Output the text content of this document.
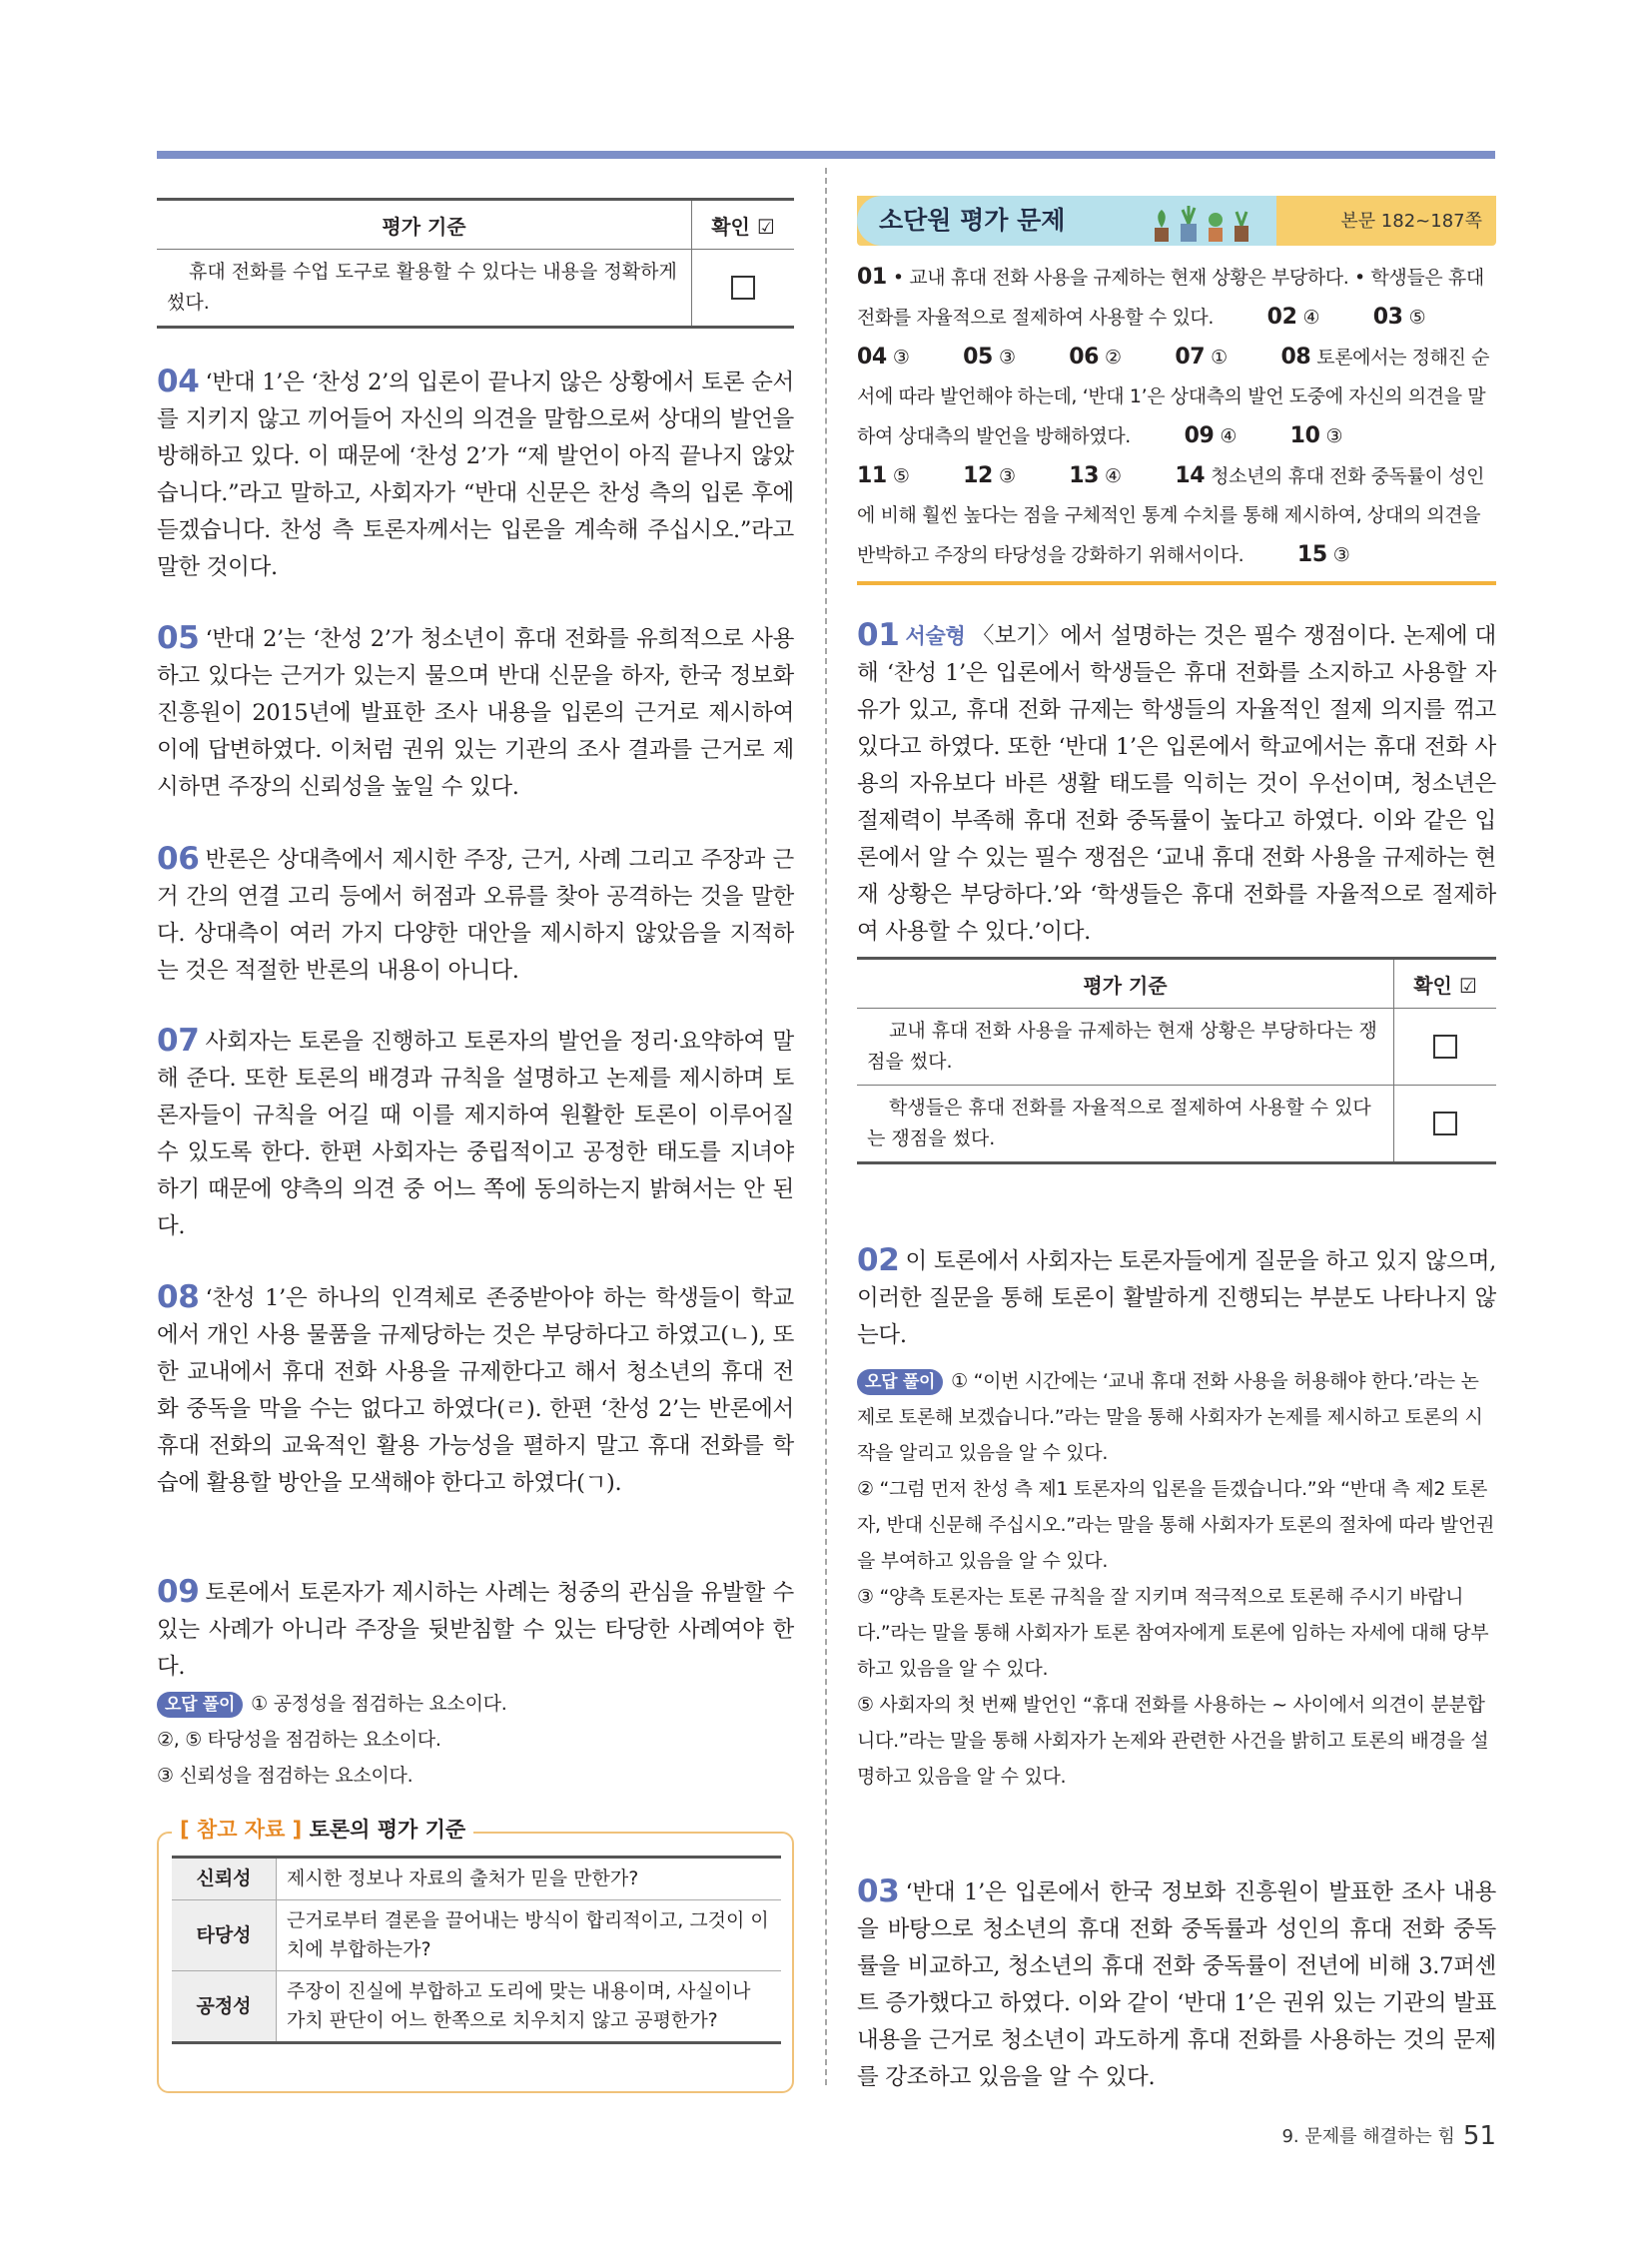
평가 기준	확인 ☑
휴대 전화를 수업 도구로 활용할 수 있다는 내용을 정확하게 썼다.	
04 ‘반대 1’은 ‘찬성 2’의 입론이 끝나지 않은 상황에서 토론 순서를 지키지 않고 끼어들어 자신의 의견을 말함으로써 상대의 발언을 방해하고 있다. 이 때문에 ‘찬성 2’가 “제 발언이 아직 끝나지 않았습니다.”라고 말하고, 사회자가 “반대 신문은 찬성 측의 입론 후에 듣겠습니다. 찬성 측 토론자께서는 입론을 계속해 주십시오.”라고 말한 것이다.
05 ‘반대 2’는 ‘찬성 2’가 청소년이 휴대 전화를 유희적으로 사용하고 있다는 근거가 있는지 물으며 반대 신문을 하자, 한국 정보화 진흥원이 2015년에 발표한 조사 내용을 입론의 근거로 제시하여 이에 답변하였다. 이처럼 권위 있는 기관의 조사 결과를 근거로 제시하면 주장의 신뢰성을 높일 수 있다.
06 반론은 상대측에서 제시한 주장, 근거, 사례 그리고 주장과 근거 간의 연결 고리 등에서 허점과 오류를 찾아 공격하는 것을 말한다. 상대측이 여러 가지 다양한 대안을 제시하지 않았음을 지적하는 것은 적절한 반론의 내용이 아니다.
07 사회자는 토론을 진행하고 토론자의 발언을 정리·요약하여 말해 준다. 또한 토론의 배경과 규칙을 설명하고 논제를 제시하며 토론자들이 규칙을 어길 때 이를 제지하여 원활한 토론이 이루어질 수 있도록 한다. 한편 사회자는 중립적이고 공정한 태도를 지녀야 하기 때문에 양측의 의견 중 어느 쪽에 동의하는지 밝혀서는 안 된다.
08 ‘찬성 1’은 하나의 인격체로 존중받아야 하는 학생들이 학교에서 개인 사용 물품을 규제당하는 것은 부당하다고 하였고(ㄴ), 또한 교내에서 휴대 전화 사용을 규제한다고 해서 청소년의 휴대 전화 중독을 막을 수는 없다고 하였다(ㄹ). 한편 ‘찬성 2’는 반론에서 휴대 전화의 교육적인 활용 가능성을 펼하지 말고 휴대 전화를 학습에 활용할 방안을 모색해야 한다고 하였다(ㄱ).
09 토론에서 토론자가 제시하는 사례는 청중의 관심을 유발할 수 있는 사례가 아니라 주장을 뒷받침할 수 있는 타당한 사례여야 한다.
오답 풀이 ① 공정성을 점검하는 요소이다.
②, ⑤ 타당성을 점검하는 요소이다.
③ 신뢰성을 점검하는 요소이다.
[ 참고 자료 ] 토론의 평가 기준
신뢰성	제시한 정보나 자료의 출처가 믿을 만한가?
타당성	근거로부터 결론을 끌어내는 방식이 합리적이고, 그것이 이치에 부합하는가?
공정성	주장이 진실에 부합하고 도리에 맞는 내용이며, 사실이나 가치 판단이 어느 한쪽으로 치우치지 않고 공평한가?
소단원 평가 문제	본문 182~187쪽
01 • 교내 휴대 전화 사용을 규제하는 현재 상황은 부당하다. • 학생들은 휴대 전화를 자율적으로 절제하여 사용할 수 있다. 02 ④ 03 ⑤
04 ③ 05 ③ 06 ② 07 ① 08 토론에서는 정해진 순서에 따라 발언해야 하는데, ‘반대 1’은 상대측의 발언 도중에 자신의 의견을 말하여 상대측의 발언을 방해하였다. 09 ④ 10 ③
11 ⑤ 12 ③ 13 ④ 14 청소년의 휴대 전화 중독률이 성인에 비해 훨씬 높다는 점을 구체적인 통계 수치를 통해 제시하여, 상대의 의견을 반박하고 주장의 타당성을 강화하기 위해서이다. 15 ③
01 서술형 〈보기〉에서 설명하는 것은 필수 쟁점이다. 논제에 대해 ‘찬성 1’은 입론에서 학생들은 휴대 전화를 소지하고 사용할 자유가 있고, 휴대 전화 규제는 학생들의 자율적인 절제 의지를 꺾고 있다고 하였다. 또한 ‘반대 1’은 입론에서 학교에서는 휴대 전화 사용의 자유보다 바른 생활 태도를 익히는 것이 우선이며, 청소년은 절제력이 부족해 휴대 전화 중독률이 높다고 하였다. 이와 같은 입론에서 알 수 있는 필수 쟁점은 ‘교내 휴대 전화 사용을 규제하는 현재 상황은 부당하다.’와 ‘학생들은 휴대 전화를 자율적으로 절제하여 사용할 수 있다.’이다.
평가 기준	확인 ☑
교내 휴대 전화 사용을 규제하는 현재 상황은 부당하다는 쟁점을 썼다.	
학생들은 휴대 전화를 자율적으로 절제하여 사용할 수 있다는 쟁점을 썼다.	
02 이 토론에서 사회자는 토론자들에게 질문을 하고 있지 않으며, 이러한 질문을 통해 토론이 활발하게 진행되는 부분도 나타나지 않는다.
오답 풀이 ① “이번 시간에는 ‘교내 휴대 전화 사용을 허용해야 한다.’라는 논제로 토론해 보겠습니다.”라는 말을 통해 사회자가 논제를 제시하고 토론의 시작을 알리고 있음을 알 수 있다.
② “그럼 먼저 찬성 측 제1 토론자의 입론을 듣겠습니다.”와 “반대 측 제2 토론자, 반대 신문해 주십시오.”라는 말을 통해 사회자가 토론의 절차에 따라 발언권을 부여하고 있음을 알 수 있다.
③ “양측 토론자는 토론 규칙을 잘 지키며 적극적으로 토론해 주시기 바랍니다.”라는 말을 통해 사회자가 토론 참여자에게 토론에 임하는 자세에 대해 당부하고 있음을 알 수 있다.
⑤ 사회자의 첫 번째 발언인 “휴대 전화를 사용하는 ~ 사이에서 의견이 분분합니다.”라는 말을 통해 사회자가 논제와 관련한 사건을 밝히고 토론의 배경을 설명하고 있음을 알 수 있다.
03 ‘반대 1’은 입론에서 한국 정보화 진흥원이 발표한 조사 내용을 바탕으로 청소년의 휴대 전화 중독률과 성인의 휴대 전화 중독률을 비교하고, 청소년의 휴대 전화 중독률이 전년에 비해 3.7퍼센트 증가했다고 하였다. 이와 같이 ‘반대 1’은 권위 있는 기관의 발표 내용을 근거로 청소년이 과도하게 휴대 전화를 사용하는 것의 문제를 강조하고 있음을 알 수 있다.
9. 문제를 해결하는 힘 51
